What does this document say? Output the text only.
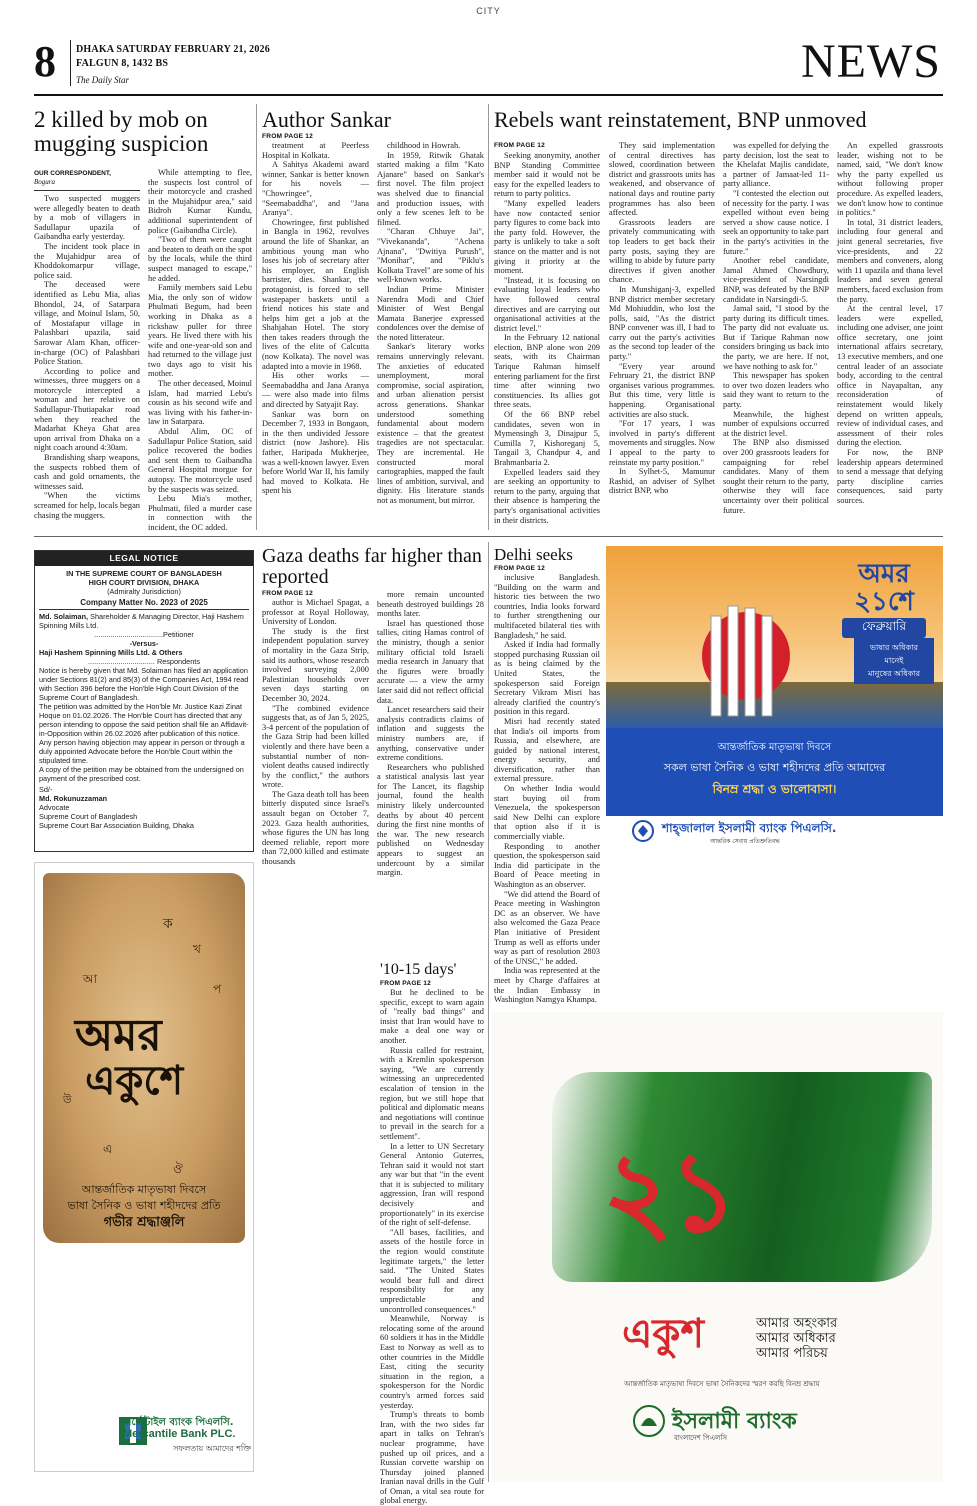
CITY
8 DHAKA SATURDAY FEBRUARY 21, 2026
FALGUN 8, 1432 BS
The Daily Star	NEWS
2 killed by mob on mugging suspicion
OUR CORRESPONDENT,
Bogura

Two suspected muggers were allegedly beaten to death by a mob of villagers in Sadullapur upazila of Gaibandha early yesterday.

The incident took place in the Mujahidpur area of Khoddokomarpur village, police said.

The deceased were identified as Lebu Mia, alias Bhondol, 24, of Satarpara village, and Moinul Islam, 50, of Mostafapur village in Palashbari upazila, said Sarowar Alam Khan, officer-in-charge (OC) of Palashbari Police Station.

According to police and witnesses, three muggers on a motorcycle intercepted a woman and her relative on Sadullapur-Thutiapakar road when they reached the Madarhat Kheya Ghat area upon arrival from Dhaka on a night coach around 4:30am.

Brandishing sharp weapons, the suspects robbed them of cash and gold ornaments, the witnesses said.

"When the victims screamed for help, locals began chasing the muggers.

While attempting to flee, the suspects lost control of their motorcycle and crashed in the Mujahidpur area," said Bidroh Kumar Kundu, additional superintendent of police (Gaibandha Circle).

"Two of them were caught and beaten to death on the spot by the locals, while the third suspect managed to escape," he added.

Family members said Lebu Mia, the only son of widow Phulmati Begum, had been working in Dhaka as a rickshaw puller for three years. He lived there with his wife and one-year-old son and had returned to the village just two days ago to visit his mother.

The other deceased, Moinul Islam, had married Lebu's cousin as his second wife and was living with his father-in-law in Satarpara.

Abdul Alim, OC of Sadullapur Police Station, said police recovered the bodies and sent them to Gaibandha General Hospital morgue for autopsy. The motorcycle used by the suspects was seized.

Lebu Mia's mother, Phulmati, filed a murder case in connection with the incident, the OC added.

Author Sankar
FROM PAGE 12

treatment at Peerless Hospital in Kolkata.

A Sahitya Akademi award winner, Sankar is better known for his novels — "Chowringee", "Seemabaddha", and "Jana Aranya".

Chowringee, first published in Bangla in 1962, revolves around the life of Shankar, an ambitious young man who loses his job of secretary after his employer, an English barrister, dies. Shankar, the protagonist, is forced to sell wastepaper baskets until a friend notices his state and helps him get a job at the Shahjahan Hotel. The story then takes readers through the lives of the elite of Calcutta (now Kolkata). The novel was adapted into a movie in 1968.

His other works — Seemabaddha and Jana Aranya — were also made into films and directed by Satyajit Ray.

Sankar was born on December 7, 1933 in Bongaon, in the then undivided Jessore district (now Jashore). His father, Haripada Mukherjee, was a well-known lawyer. Even before World War II, his family had moved to Kolkata. He spent his

childhood in Howrah.

In 1959, Ritwik Ghatak started making a film "Kato Ajanare" based on Sankar's first novel. The film project was shelved due to financial and production issues, with only a few scenes left to be filmed.

"Charan Chhuye Jai", "Vivekananda", "Achena Ajnana", "Dwitiya Purush", "Monihar", and "Piklu's Kolkata Travel" are some of his well-known works.

Indian Prime Minister Narendra Modi and Chief Minister of West Bengal Mamata Banerjee expressed condolences over the demise of the noted litterateur.

Sankar's literary works remains unnervingly relevant. The anxieties of educated unemployment, moral compromise, social aspiration, and urban alienation persist across generations. Shankar understood something fundamental about modern existence – that the greatest tragedies are not spectacular. They are incremental. He constructed moral cartographies, mapped the fault lines of ambition, survival, and dignity. His literature stands not as monument, but mirror.

Rebels want reinstatement, BNP unmoved
FROM PAGE 12

Seeking anonymity, another BNP Standing Committee member said it would not be easy for the expelled leaders to return to party politics.

"Many expelled leaders have now contacted senior party figures to come back into the party fold. However, the party is unlikely to take a soft stance on the matter and is not giving it priority at the moment.

"Instead, it is focusing on evaluating loyal leaders who have followed central directives and are carrying out organisational activities at the district level."

In the February 12 national election, BNP alone won 209 seats, with its Chairman Tarique Rahman himself entering parliament for the first time after winning two constituencies. Its allies got three seats.

Of the 66 BNP rebel candidates, seven won in Mymensingh 3, Dinajpur 5, Cumilla 7, Kishoreganj 5, Tangail 3, Chandpur 4, and Brahmanbaria 2.

Expelled leaders said they are seeking an opportunity to return to the party, arguing that their absence is hampering the party's organisational activities in their districts.

They said implementation of central directives has slowed, coordination between district and grassroots units has weakened, and observance of national days and routine party programmes has also been affected.

Grassroots leaders are privately communicating with top leaders to get back their party posts, saying they are willing to abide by future party directives if given another chance.

In Munshiganj-3, expelled BNP district member secretary Md Mohiuddin, who lost the polls, said, "As the district BNP convener was ill, I had to carry out the party's activities as the second top leader of the party."

"Every year around February 21, the district BNP organises various programmes. But this time, very little is happening. Organisational activities are also stuck.

"For 17 years, I was involved in party's different movements and struggles. Now I appeal to the party to reinstate my party position."

In Sylhet-5, Mamunur Rashid, an adviser of Sylhet district BNP, who

was expelled for defying the party decision, lost the seat to the Khelafat Majlis candidate, a partner of Jamaat-led 11-party alliance.

"I contested the election out of necessity for the party. I was expelled without even being served a show cause notice. I seek an opportunity to take part in the party's activities in the future."

Another rebel candidate, Jamal Ahmed Chowdhury, vice-president of Narsingdi BNP, was defeated by the BNP candidate in Narsingdi-5.

Jamal said, "I stood by the party during its difficult times. The party did not evaluate us. But if Tarique Rahman now considers bringing us back into the party, we are here. If not, we have nothing to ask for."

This newspaper has spoken to over two dozen leaders who said they want to return to the party.

Meanwhile, the highest number of expulsions occurred at the district level.

The BNP also dismissed over 200 grassroots leaders for campaigning for rebel candidates. Many of them sought their return to the party, otherwise they will face uncertainty over their political future.

An expelled grassroots leader, wishing not to be named, said, "We don't know why the party expelled us without following proper procedure. As expelled leaders, we don't know how to continue in politics."

In total, 31 district leaders, including four general and joint general secretaries, five vice-presidents, and 22 members and conveners, along with 11 upazila and thana level leaders and seven general members, faced exclusion from the party.

At the central level, 17 leaders were expelled, including one adviser, one joint office secretary, one joint international affairs secretary, 13 executive members, and one central leader of an associate body, according to the central office in Nayapaltan, any reconsideration of reinstatement would likely depend on written appeals, review of individual cases, and assessment of their roles during the election.

For now, the BNP leadership appears determined to send a message that defying party discipline carries consequences, said party sources.

LEGAL NOTICE

IN THE SUPREME COURT OF BANGLADESH

HIGH COURT DIVISION, DHAKA

(Admiralty Jurisdiction)

Company Matter No. 2023 of 2025

Md. Solaiman, Shareholder & Managing Director, Haji Hashem Spinning Mills Ltd.

..................................Petitioner

-Versus-

Haji Hashem Spinning Mills Ltd. & Others

................................. Respondents

Notice is hereby given that Md. Solaiman has filed an application under Sections 81(2) and 85(3) of the Companies Act, 1994 read with Section 396 before the Hon'ble High Court Division of the Supreme Court of Bangladesh.

The petition was admitted by the Hon'ble Mr. Justice Kazi Zinat Hoque on 01.02.2026. The Hon'ble Court has directed that any person intending to oppose the said petition shall file an Affidavit-in-Opposition within 26.02.2026 after publication of this notice. Any person having objection may appear in person or through a duly appointed Advocate before the Hon'ble Court within the stipulated time.

A copy of the petition may be obtained from the undersigned on payment of the prescribed cost.

Sd/-

Md. Rokunuzzaman

Advocate

Supreme Court of Bangladesh

Supreme Court Bar Association Building, Dhaka

ক
খ
আ
প
এ
ঔ
উ
অমর
একুশে
আন্তর্জাতিক মাতৃভাষা দিবসে
ভাষা সৈনিক ও ভাষা শহীদদের প্রতি
গভীর শ্রদ্ধাঞ্জলি
মার্কেন্টাইল ব্যাংক পিএলসি.
Mercantile Bank PLC.
সফলতায় আমাদের শক্তি
Gaza deaths far higher than reported
FROM PAGE 12

author is Michael Spagat, a professor at Royal Holloway, University of London.

The study is the first independent population survey of mortality in the Gaza Strip, said its authors, whose research involved surveying 2,000 Palestinian households over seven days starting on December 30, 2024.

"The combined evidence suggests that, as of Jan 5, 2025, 3-4 percent of the population of the Gaza Strip had been killed violently and there have been a substantial number of non-violent deaths caused indirectly by the conflict," the authors wrote.

The Gaza death toll has been bitterly disputed since Israel's assault began on October 7, 2023. Gaza health authorities, whose figures the UN has long deemed reliable, report more than 72,000 killed and estimate thousands

more remain uncounted beneath destroyed buildings 28 months later.

Israel has questioned those tallies, citing Hamas control of the ministry, though a senior military official told Israeli media research in January that the figures were broadly accurate — a view the army later said did not reflect official data.

Lancet researchers said their analysis contradicts claims of inflation and suggests the ministry numbers are, if anything, conservative under extreme conditions.

Researchers who published a statistical analysis last year for The Lancet, its flagship journal, found the health ministry likely undercounted deaths by about 40 percent during the first nine months of the war. The new research published on Wednesday appears to suggest an undercount by a similar margin.

Delhi seeks
FROM PAGE 12

inclusive Bangladesh. "Building on the warm and historic ties between the two countries, India looks forward to further strengthening our multifaceted bilateral ties with Bangladesh," he said.

Asked if India had formally stopped purchasing Russian oil as is being claimed by the United States, the spokesperson said Foreign Secretary Vikram Misri has already clarified the country's position in this regard.

Misri had recently stated that India's oil imports from Russia, and elsewhere, are guided by national interest, energy security, and diversification, rather than external pressure.

On whether India would start buying oil from Venezuela, the spokesperson said New Delhi can explore that option also if it is commercially viable.

Responding to another question, the spokesperson said India did participate in the Board of Peace meeting in Washington as an observer.

"We did attend the Board of Peace meeting in Washington DC as an observer. We have also welcomed the Gaza Peace Plan initiative of President Trump as well as efforts under way as part of resolution 2803 of the UNSC," he added.

India was represented at the meet by Charge d'affaires at the Indian Embassy in Washington Namgya Khampa.

'10-15 days'
FROM PAGE 12

But he declined to be specific, except to warn again of "really bad things" and insist that Iran would have to make a deal one way or another.

Russia called for restraint, with a Kremlin spokesperson saying, "We are currently witnessing an unprecedented escalation of tension in the region, but we still hope that political and diplomatic means and negotiations will continue to prevail in the search for a settlement".

In a letter to UN Secretary General Antonio Guterres, Tehran said it would not start any war but that "in the event that it is subjected to military aggression, Iran will respond decisively and proportionately" in its exercise of the right of self-defense.

"All bases, facilities, and assets of the hostile force in the region would constitute legitimate targets," the letter said. "The United States would bear full and direct responsibility for any unpredictable and uncontrolled consequences."

Meanwhile, Norway is relocating some of the around 60 soldiers it has in the Middle East to Norway as well as to other countries in the Middle East, citing the security situation in the region, a spokesperson for the Nordic country's armed forces said yesterday.

Trump's threats to bomb Iran, with the two sides far apart in talks on Tehran's nuclear programme, have pushed up oil prices, and a Russian corvette warship on Thursday joined planned Iranian naval drills in the Gulf of Oman, a vital sea route for global energy.

অমর
২১শে
ফেব্রুয়ারি
ভাষার অধিকার
মানেই
মানুষের অধিকার
আন্তর্জাতিক মাতৃভাষা দিবসে
সকল ভাষা সৈনিক ও ভাষা শহীদদের প্রতি আমাদের
বিনম্র শ্রদ্ধা ও ভালোবাসা।
শাহ্‌জালাল ইসলামী ব্যাংক পিএলসি.
আন্তরিক সেবায় প্রতিশ্রুতিবদ্ধ
২১
একুশ	আমার অহংকার
আমার অধিকার
আমার পরিচয়
আন্তর্জাতিক মাতৃভাষা দিবসে ভাষা সৈনিকদের স্মরণ করছি বিনম্র শ্রদ্ধায়
ইসলামী ব্যাংক
বাংলাদেশ পিএলসি
